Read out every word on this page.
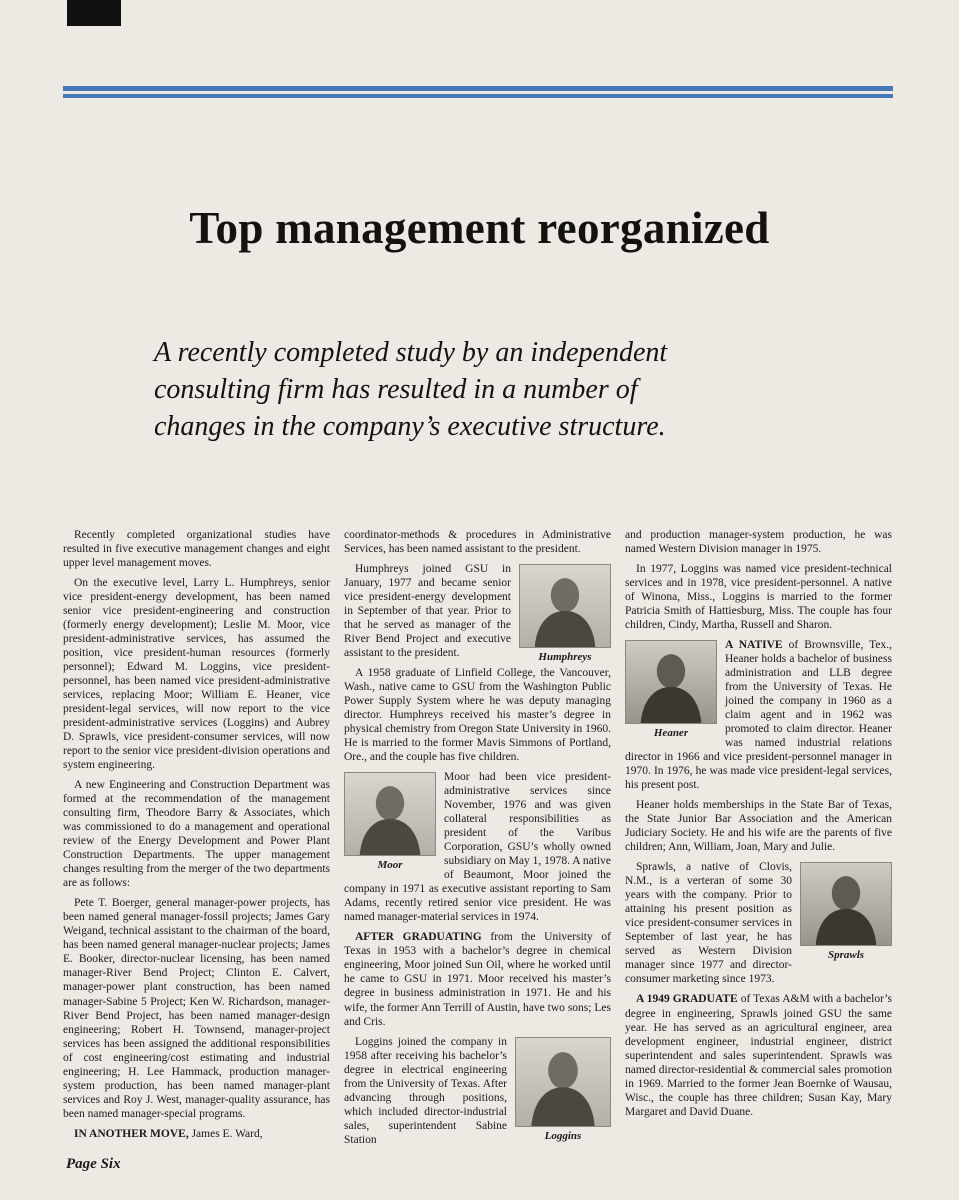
Top management reorganized
A recently completed study by an independent
consulting firm has resulted in a number of
changes in the company’s executive structure.
Recently completed organizational studies have resulted in five executive management changes and eight upper level management moves.
On the executive level, Larry L. Humphreys, senior vice president-energy development, has been named senior vice president-engineering and construction (formerly energy development); Leslie M. Moor, vice president-administrative services, has assumed the position, vice president-human resources (formerly personnel); Edward M. Loggins, vice president-personnel, has been named vice president-administrative services, replacing Moor; William E. Heaner, vice president-legal services, will now report to the vice president-administrative services (Loggins) and Aubrey D. Sprawls, vice president-consumer services, will now report to the senior vice president-division operations and system engineering.
A new Engineering and Construction Department was formed at the recommendation of the management consulting firm, Theodore Barry & Associates, which was commissioned to do a management and operational review of the Energy Development and Power Plant Construction Departments. The upper management changes resulting from the merger of the two departments are as follows:
Pete T. Boerger, general manager-power projects, has been named general manager-fossil projects; James Gary Weigand, technical assistant to the chairman of the board, has been named general manager-nuclear projects; James E. Booker, director-nuclear licensing, has been named manager-River Bend Project; Clinton E. Calvert, manager-power plant construction, has been named manager-Sabine 5 Project; Ken W. Richardson, manager-River Bend Project, has been named manager-design engineering; Robert H. Townsend, manager-project services has been assigned the additional responsibilities of cost engineering/cost estimating and industrial engineering; H. Lee Hammack, production manager-system production, has been named manager-plant services and Roy J. West, manager-quality assurance, has been named manager-special programs.
IN ANOTHER MOVE, James E. Ward,
coordinator-methods & procedures in Administrative Services, has been named assistant to the president.
Humphreys
Humphreys joined GSU in January, 1977 and became senior vice president-energy development in September of that year. Prior to that he served as manager of the River Bend Project and executive assistant to the president.
A 1958 graduate of Linfield College, the Vancouver, Wash., native came to GSU from the Washington Public Power Supply System where he was deputy managing director. Humphreys received his master’s degree in physical chemistry from Oregon State University in 1960. He is married to the former Mavis Simmons of Portland, Ore., and the couple has five children.
Moor
Moor had been vice president-administrative services since November, 1976 and was given collateral responsibilities as president of the Varibus Corporation, GSU’s wholly owned subsidiary on May 1, 1978. A native of Beaumont, Moor joined the company in 1971 as executive assistant reporting to Sam Adams, recently retired senior vice president. He was named manager-material services in 1974.
AFTER GRADUATING from the University of Texas in 1953 with a bachelor’s degree in chemical engineering, Moor joined Sun Oil, where he worked until he came to GSU in 1971. Moor received his master’s degree in business administration in 1971. He and his wife, the former Ann Terrill of Austin, have two sons; Les and Cris.
Loggins
Loggins joined the company in 1958 after receiving his bachelor’s degree in electrical engineering from the University of Texas. After advancing through positions, which included director-industrial sales, superintendent Sabine Station
and production manager-system production, he was named Western Division manager in 1975.
In 1977, Loggins was named vice president-technical services and in 1978, vice president-personnel. A native of Winona, Miss., Loggins is married to the former Patricia Smith of Hattiesburg, Miss. The couple has four children, Cindy, Martha, Russell and Sharon.
Heaner
A NATIVE of Brownsville, Tex., Heaner holds a bachelor of business administration and LLB degree from the University of Texas. He joined the company in 1960 as a claim agent and in 1962 was promoted to claim director. Heaner was named industrial relations director in 1966 and vice president-personnel manager in 1970. In 1976, he was made vice president-legal services, his present post.
Heaner holds memberships in the State Bar of Texas, the State Junior Bar Association and the American Judiciary Society. He and his wife are the parents of five children; Ann, William, Joan, Mary and Julie.
Sprawls
Sprawls, a native of Clovis, N.M., is a verteran of some 30 years with the company. Prior to attaining his present position as vice president-consumer services in September of last year, he has served as Western Division manager since 1977 and director-consumer marketing since 1973.
A 1949 GRADUATE of Texas A&M with a bachelor’s degree in engineering, Sprawls joined GSU the same year. He has served as an agricultural engineer, area development engineer, industrial engineer, district superintendent and sales superintendent. Sprawls was named director-residential & commercial sales promotion in 1969. Married to the former Jean Boernke of Wausau, Wisc., the couple has three children; Susan Kay, Mary Margaret and David Duane.
Page Six
